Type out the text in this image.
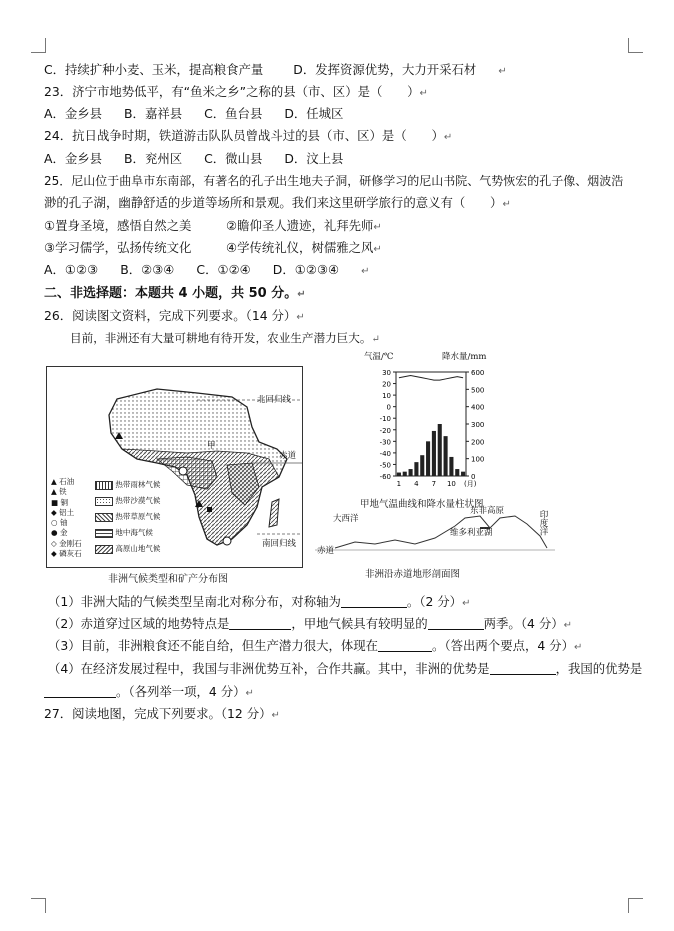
C．持续扩种小麦、玉米，提高粮食产量 D．发挥资源优势，大力开采石材 ↵
23．济宁市地势低平，有“鱼米之乡”之称的县（市、区）是（　　）↵
A．金乡县 B．嘉祥县 C．鱼台县 D．任城区
24．抗日战争时期，铁道游击队队员曾战斗过的县（市、区）是（　　）↵
A．金乡县 B．兖州区 C．微山县 D．汶上县
25．尼山位于曲阜市东南部，有著名的孔子出生地夫子洞，研修学习的尼山书院、气势恢宏的孔子像、烟波浩
渺的孔子湖，幽静舒适的步道等场所和景观。我们来这里研学旅行的意义有（　　）↵
①置身圣境，感悟自然之美	②瞻仰圣人遗迹，礼拜先师↵
③学习儒学，弘扬传统文化	④学传统礼仪，树儒雅之风↵
A．①②③ B．②③④ C．①②④ D．①②③④ ↵
二、非选择题：本题共 4 小题，共 50 分。↵
26．阅读图文资料，完成下列要求。（14 分）↵
目前，非洲还有大量可耕地有待开发，农业生产潜力巨大。↵
北回归线
赤道
南回归线
甲
▲ 石油
▲ 铁
■ 铜
◆ 铝土
○ 铀
● 金
◇ 金刚石
◆ 磷灰石
热带雨林气候
热带沙漠气候
热带草原气候
地中海气候
高原山地气候
非洲气候类型和矿产分布图
气温/℃	降水量/mm
30
20
10
0
-10
-20
-30
-40
-50
-60
600
500
400
300
200
100
0
1 4 7 10 (月)
甲地气温曲线和降水量柱状图
大西洋
赤道
东非高原
维多利亚湖	印度洋
非洲沿赤道地形剖面图
（1）非洲大陆的气候类型呈南北对称分布，对称轴为	。（2 分）↵
（2）赤道穿过区域的地势特点是	，甲地气候具有较明显的	两季。（4 分）↵
（3）目前，非洲粮食还不能自给，但生产潜力很大，体现在	。（答出两个要点，4 分）↵
（4）在经济发展过程中，我国与非洲优势互补，合作共赢。其中，非洲的优势是	，我国的优势是
。（各列举一项，4 分）↵
27．阅读地图，完成下列要求。（12 分）↵
